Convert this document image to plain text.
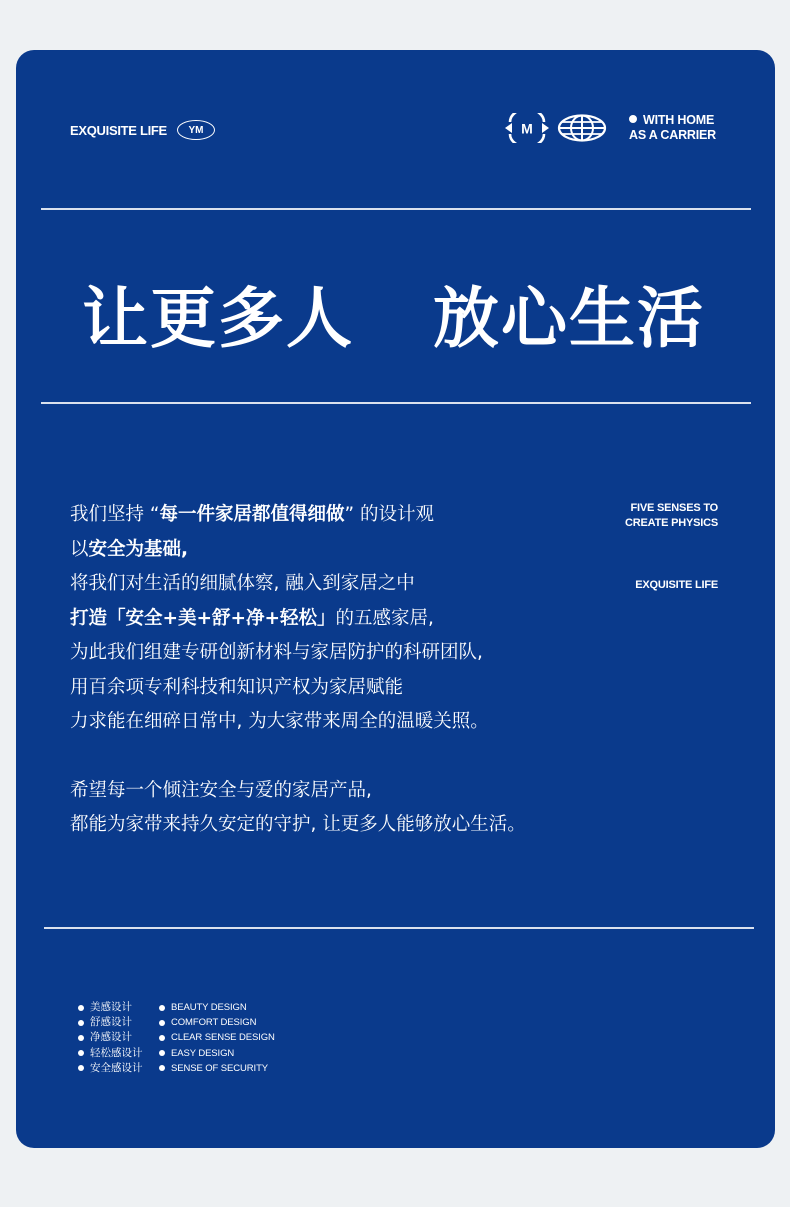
EXQUISITE LIFE	YM	M
WITH HOME
AS A CARRIER
让更多人 放心生活
我们坚持 “每一件家居都值得细做” 的设计观
以安全为基础,
将我们对生活的细腻体察, 融入到家居之中
打造「安全+美+舒+净+轻松」的五感家居,
为此我们组建专研创新材料与家居防护的科研团队,
用百余项专利科技和知识产权为家居赋能
力求能在细碎日常中, 为大家带来周全的温暖关照。
希望每一个倾注安全与爱的家居产品,
都能为家带来持久安定的守护, 让更多人能够放心生活。
FIVE SENSES TO
CREATE PHYSICS
EXQUISITE LIFE
美感设计
舒感设计
净感设计
轻松感设计
安全感设计
BEAUTY DESIGN
COMFORT DESIGN
CLEAR SENSE DESIGN
EASY DESIGN
SENSE OF SECURITY
